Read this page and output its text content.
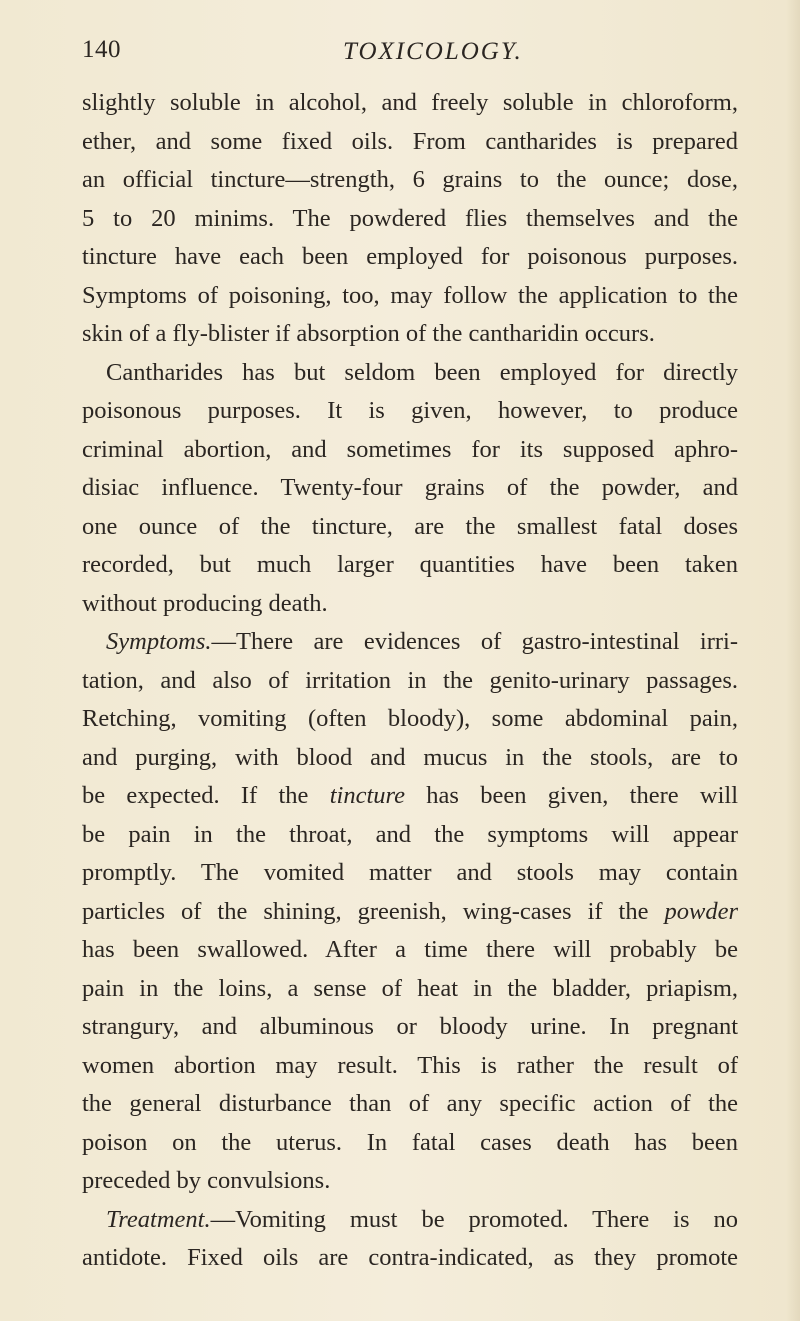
140	TOXICOLOGY.

slightly soluble in alcohol, and freely soluble in chloroform,
ether, and some fixed oils. From cantharides is prepared
an official tincture—strength, 6 grains to the ounce; dose,
5 to 20 minims. The powdered flies themselves and the
tincture have each been employed for poisonous purposes.
Symptoms of poisoning, too, may follow the application to the
skin of a fly-blister if absorption of the cantharidin occurs.

Cantharides has but seldom been employed for directly
poisonous purposes. It is given, however, to produce
criminal abortion, and sometimes for its supposed aphro-
disiac influence. Twenty-four grains of the powder, and
one ounce of the tincture, are the smallest fatal doses
recorded, but much larger quantities have been taken
without producing death.

Symptoms.—There are evidences of gastro-intestinal irri-
tation, and also of irritation in the genito-urinary passages.
Retching, vomiting (often bloody), some abdominal pain,
and purging, with blood and mucus in the stools, are to
be expected. If the tincture has been given, there will
be pain in the throat, and the symptoms will appear
promptly. The vomited matter and stools may contain
particles of the shining, greenish, wing-cases if the powder
has been swallowed. After a time there will probably be
pain in the loins, a sense of heat in the bladder, priapism,
strangury, and albuminous or bloody urine. In pregnant
women abortion may result. This is rather the result of
the general disturbance than of any specific action of the
poison on the uterus. In fatal cases death has been
preceded by convulsions.

Treatment.—Vomiting must be promoted. There is no
antidote. Fixed oils are contra-indicated, as they promote
